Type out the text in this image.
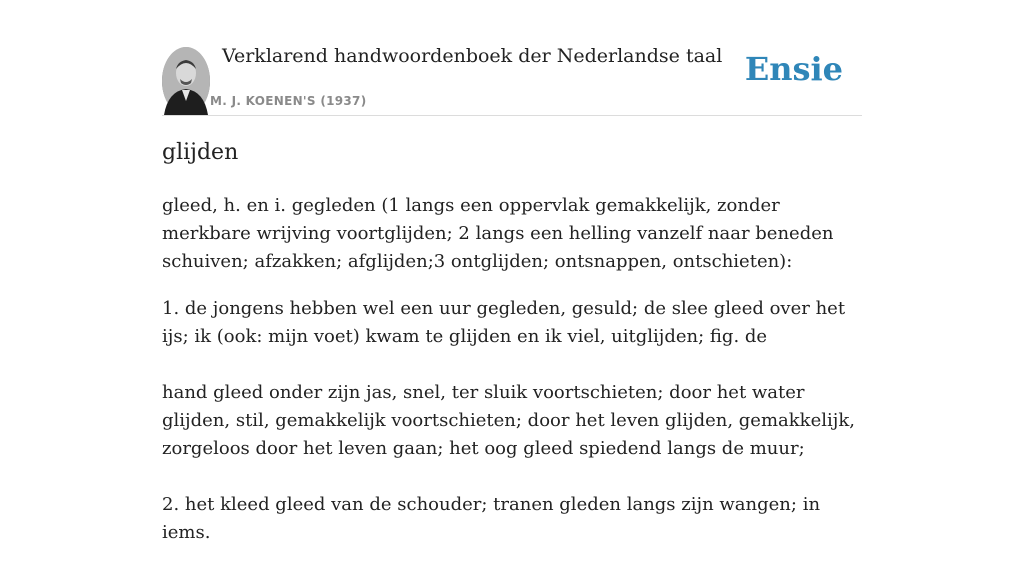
Verklarend handwoordenboek der Nederlandse taal
M. J. KOENEN'S (1937)
Ensie
glijden

gleed, h. en i. gegleden (1 langs een oppervlak gemakkelijk, zonder merkbare wrijving voortglijden; 2 langs een helling vanzelf naar beneden schuiven; afzakken; afglijden;3 ontglijden; ontsnappen, ontschieten):

1. de jongens hebben wel een uur gegleden, gesuld; de slee gleed over het ijs; ik (ook: mijn voet) kwam te glijden en ik viel, uitglijden; fig. de

hand gleed onder zijn jas, snel, ter sluik voortschieten; door het water glijden, stil, gemakkelijk voortschieten; door het leven glijden, gemakkelijk, zorgeloos door het leven gaan; het oog gleed spiedend langs de muur;

2. het kleed gleed van de schouder; tranen gleden langs zijn wangen; in iems.
